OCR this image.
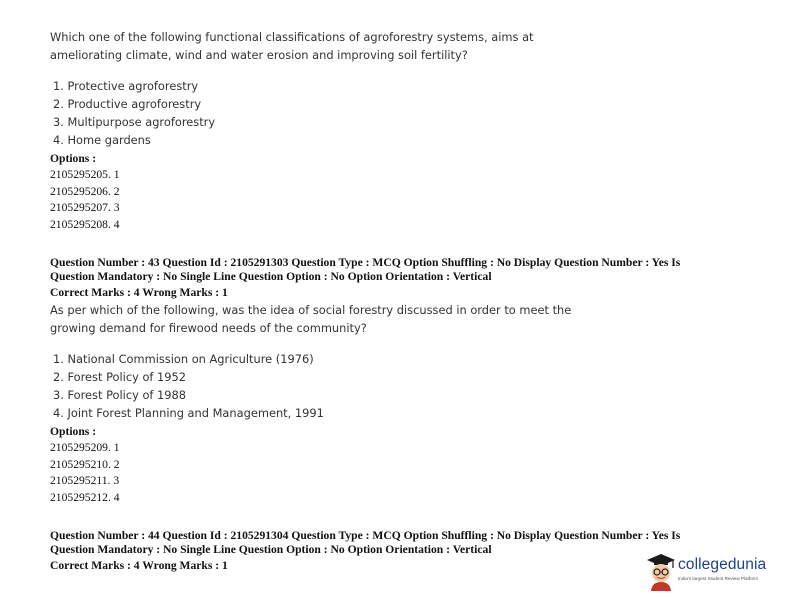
Which one of the following functional classifications of agroforestry systems, aims at
ameliorating climate, wind and water erosion and improving soil fertility?
1. Protective agroforestry
2. Productive agroforestry
3. Multipurpose agroforestry
4. Home gardens
Options :
2105295205. 1
2105295206. 2
2105295207. 3
2105295208. 4
Question Number : 43 Question Id : 2105291303 Question Type : MCQ Option Shuffling : No Display Question Number : Yes Is
Question Mandatory : No Single Line Question Option : No Option Orientation : Vertical
Correct Marks : 4 Wrong Marks : 1
As per which of the following, was the idea of social forestry discussed in order to meet the
growing demand for firewood needs of the community?
1. National Commission on Agriculture (1976)
2. Forest Policy of 1952
3. Forest Policy of 1988
4. Joint Forest Planning and Management, 1991
Options :
2105295209. 1
2105295210. 2
2105295211. 3
2105295212. 4
Question Number : 44 Question Id : 2105291304 Question Type : MCQ Option Shuffling : No Display Question Number : Yes Is
Question Mandatory : No Single Line Question Option : No Option Orientation : Vertical
Correct Marks : 4 Wrong Marks : 1	collegedunia
India's largest Student Review Platform
